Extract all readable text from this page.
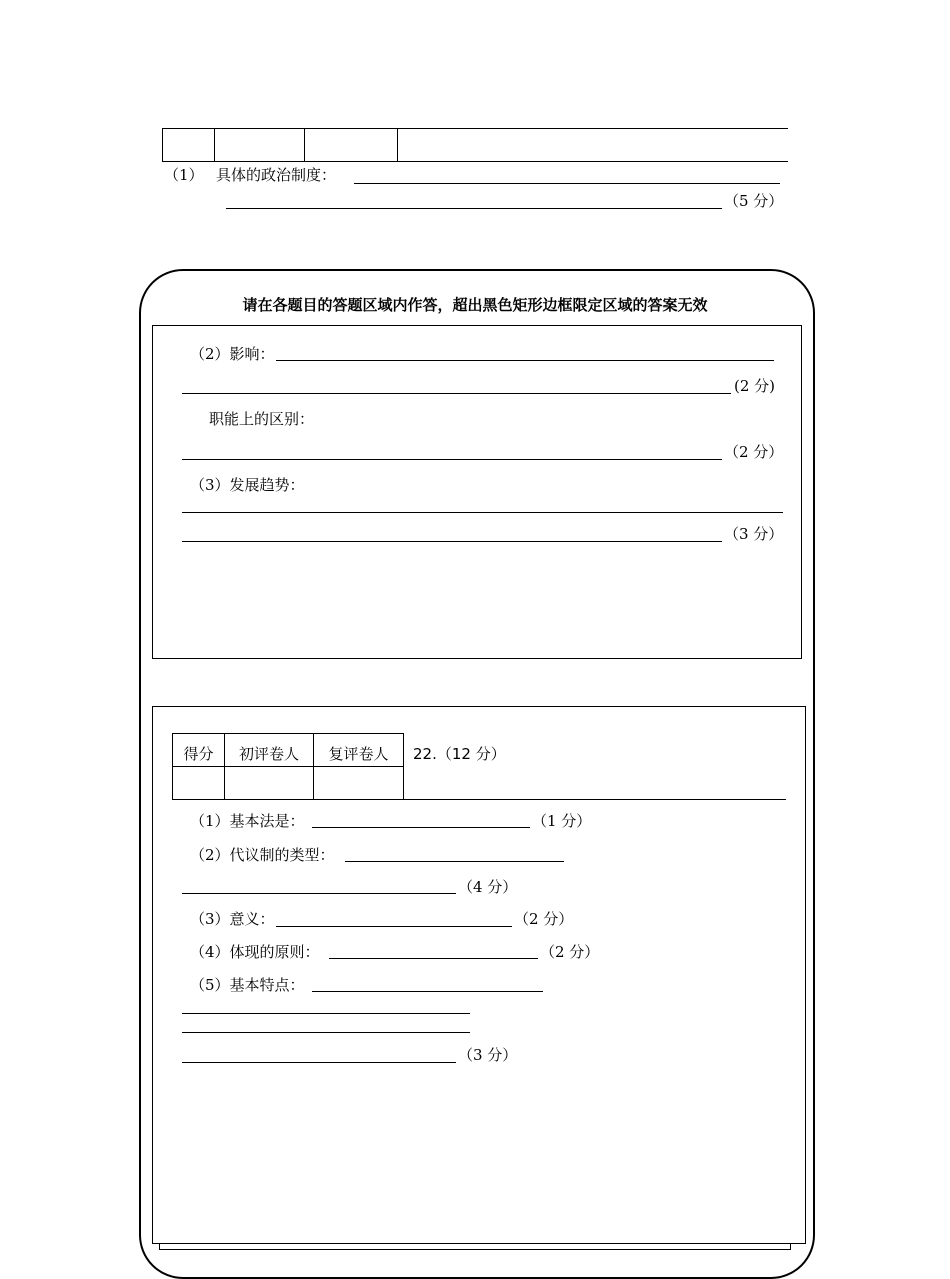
（1） 具体的政治制度：
（5 分）
请在各题目的答题区域内作答，超出黑色矩形边框限定区域的答案无效
（2）影响：
(2 分)
职能上的区别：
（2 分）
（3）发展趋势：
（3 分）
得分	初评卷人	复评卷人	22.（12 分）
（1）基本法是：	（1 分）
（2）代议制的类型：
（4 分）
（3）意义：	（2 分）
（4）体现的原则：	（2 分）
（5）基本特点：
（3 分）
